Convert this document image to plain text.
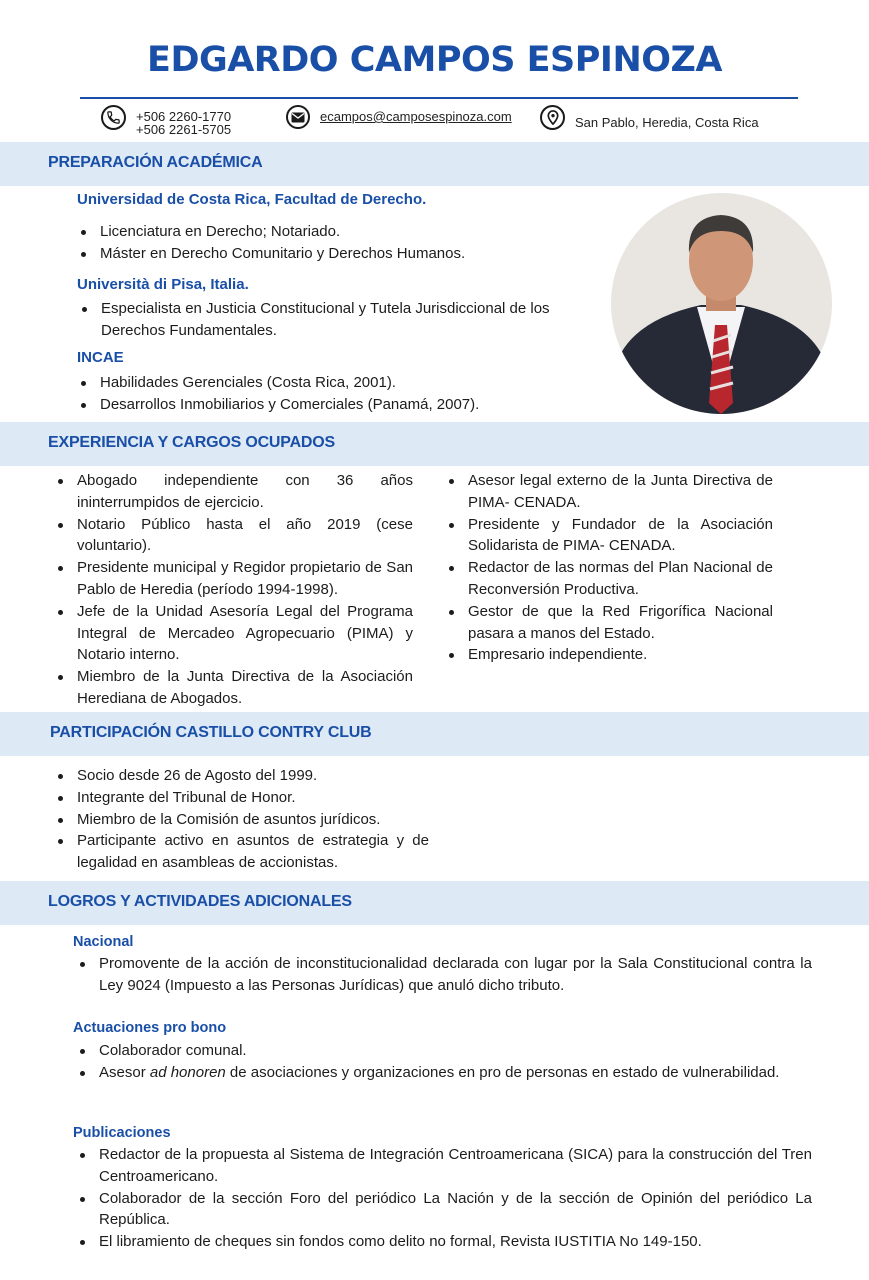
EDGARDO CAMPOS ESPINOZA
+506 2260-1770
+506 2261-5705
ecampos@camposespinoza.com	San Pablo, Heredia, Costa Rica
PREPARACIÓN ACADÉMICA
Universidad de Costa Rica, Facultad de Derecho.
Licenciatura en Derecho; Notariado.
Máster en Derecho Comunitario y Derechos Humanos.
Università di Pisa, Italia.
Especialista en Justicia Constitucional y Tutela Jurisdiccional de los Derechos Fundamentales.
INCAE
Habilidades Gerenciales (Costa Rica, 2001).
Desarrollos Inmobiliarios y Comerciales (Panamá, 2007).
EXPERIENCIA Y CARGOS OCUPADOS
Abogado independiente con 36 años ininterrumpidos de ejercicio.
Notario Público hasta el año 2019 (cese voluntario).
Presidente municipal y Regidor propietario de San Pablo de Heredia (período 1994-1998).
Jefe de la Unidad Asesoría Legal del Programa Integral de Mercadeo Agropecuario (PIMA) y Notario interno.
Miembro de la Junta Directiva de la Asociación Herediana de Abogados.
Asesor legal externo de la Junta Directiva de PIMA- CENADA.
Presidente y Fundador de la Asociación Solidarista de PIMA- CENADA.
Redactor de las normas del Plan Nacional de Reconversión Productiva.
Gestor de que la Red Frigorífica Nacional pasara a manos del Estado.
Empresario independiente.
PARTICIPACIÓN CASTILLO CONTRY CLUB
Socio desde 26 de Agosto del 1999.
Integrante del Tribunal de Honor.
Miembro de la Comisión de asuntos jurídicos.
Participante activo en asuntos de estrategia y de legalidad en asambleas de accionistas.
LOGROS Y ACTIVIDADES ADICIONALES
Nacional
Promovente de la acción de inconstitucionalidad declarada con lugar por la Sala Constitucional contra la Ley 9024 (Impuesto a las Personas Jurídicas) que anuló dicho tributo.
Actuaciones pro bono
Colaborador comunal.
Asesor ad honoren de asociaciones y organizaciones en pro de personas en estado de vulnerabilidad.
Publicaciones
Redactor de la propuesta al Sistema de Integración Centroamericana (SICA) para la construcción del Tren Centroamericano.
Colaborador de la sección Foro del periódico La Nación y de la sección de Opinión del periódico La República.
El libramiento de cheques sin fondos como delito no formal, Revista IUSTITIA No 149-150.
